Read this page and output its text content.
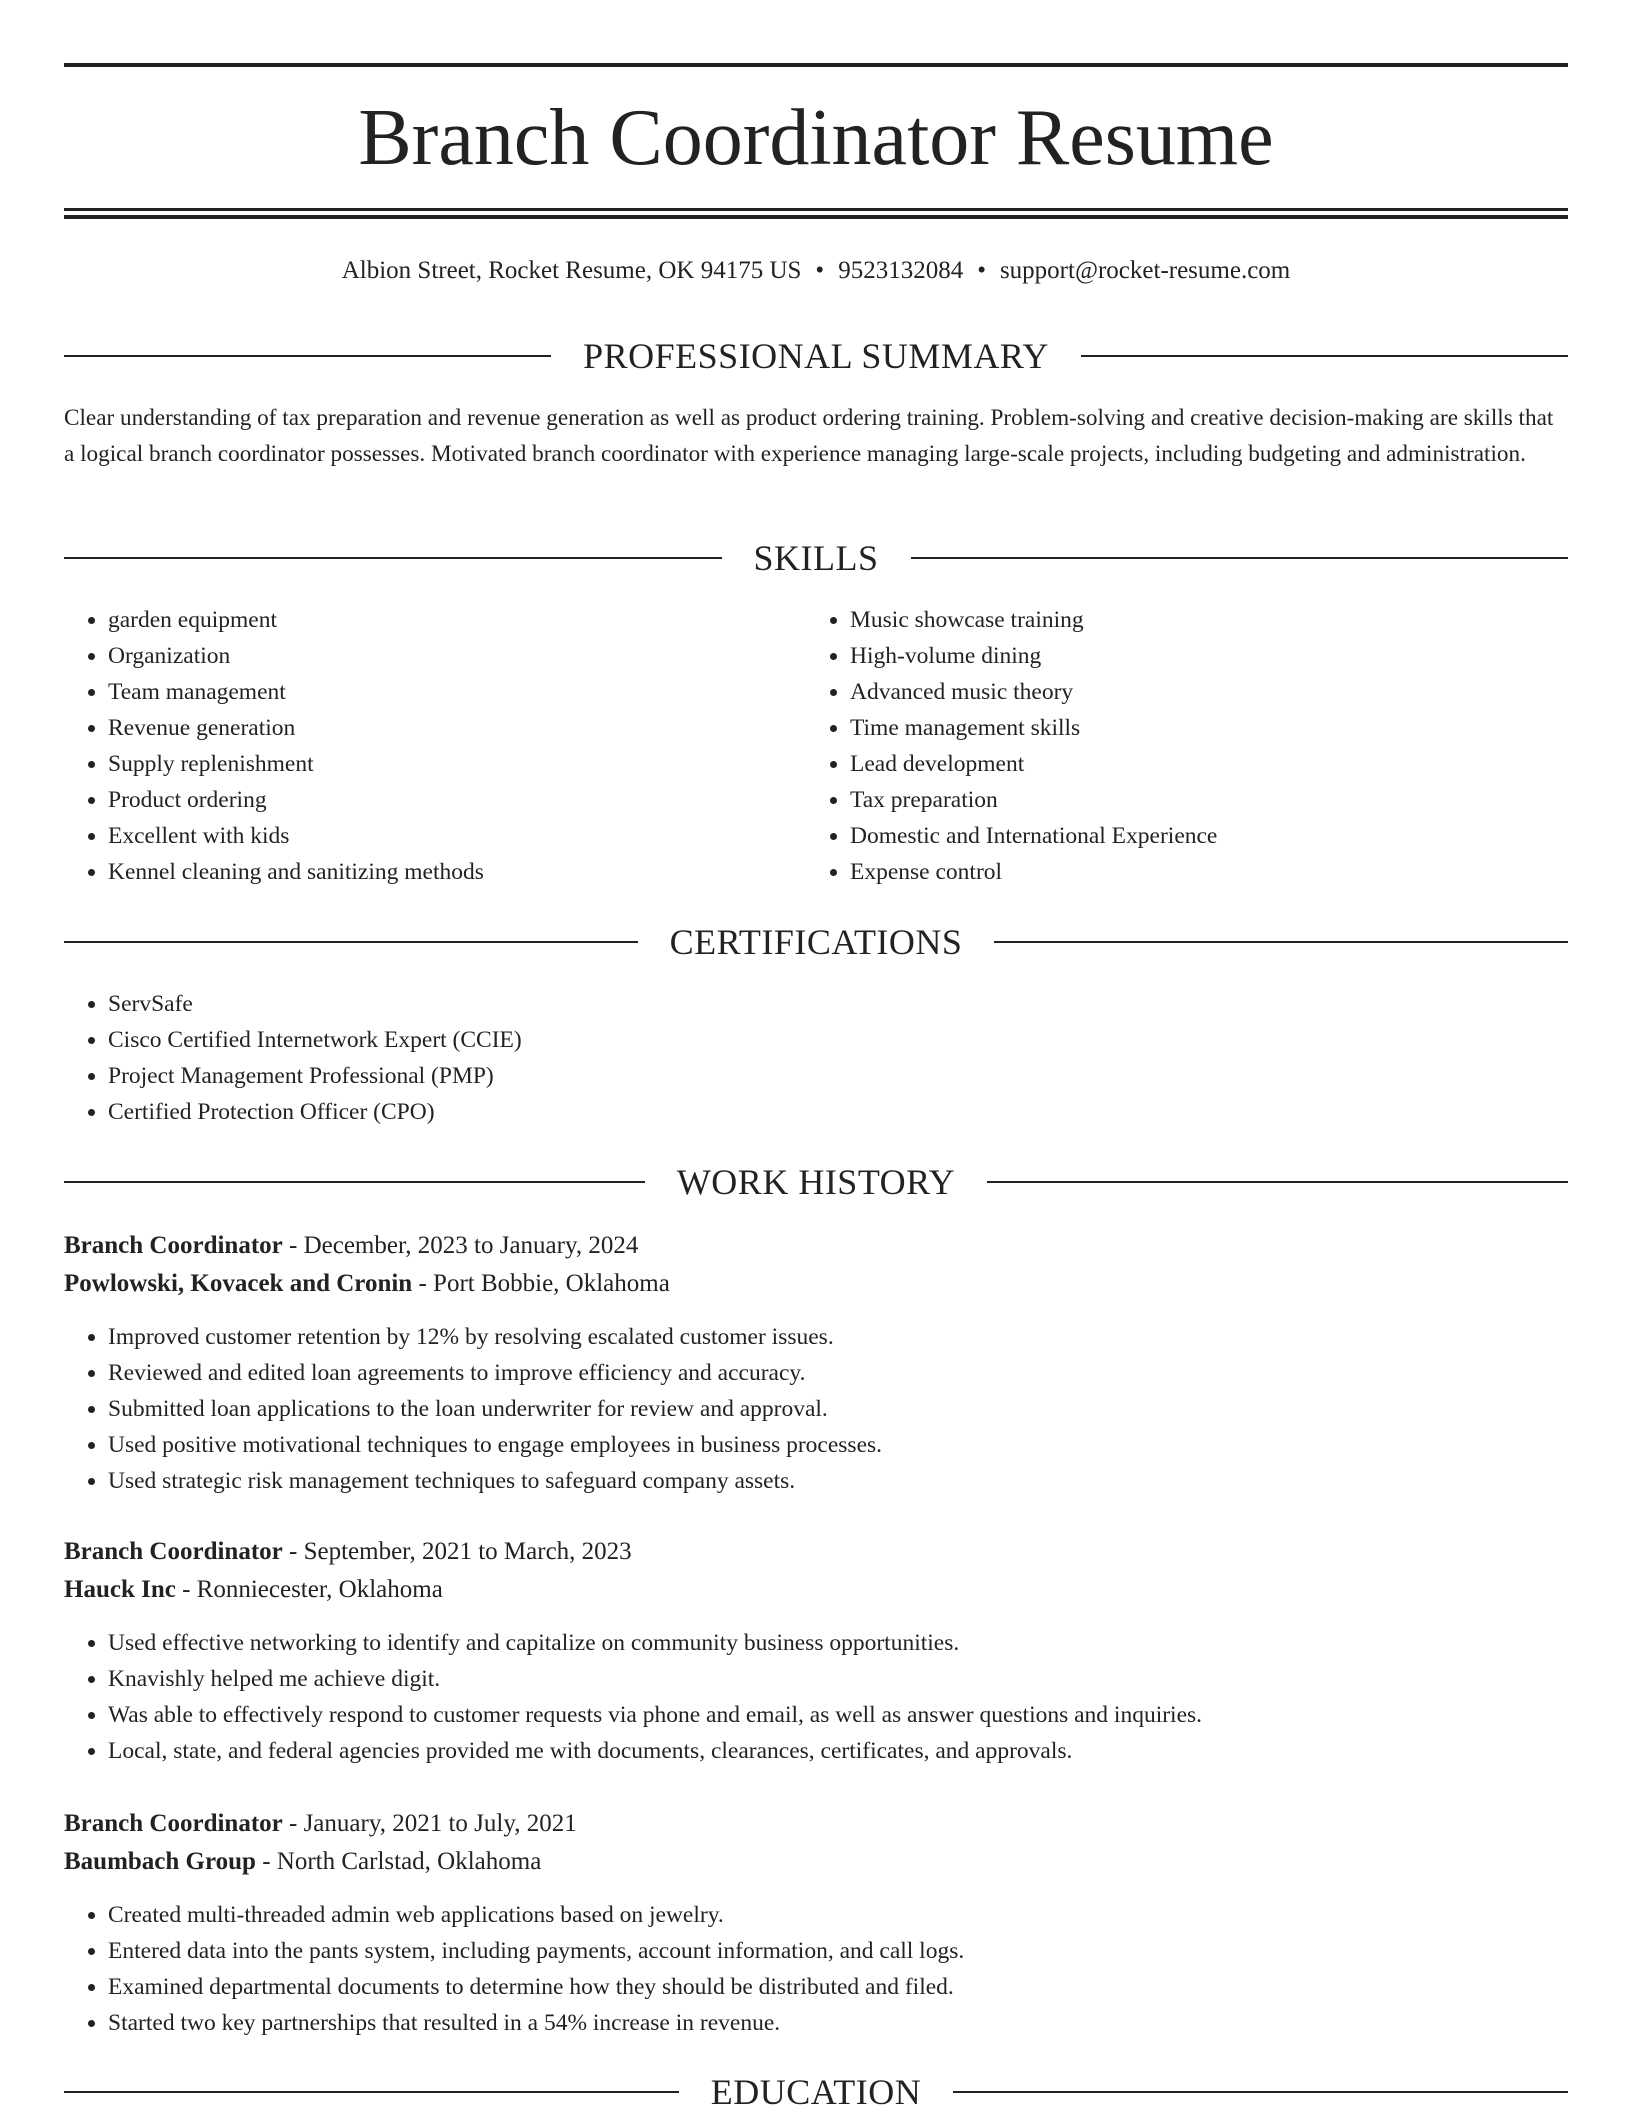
Branch Coordinator Resume
Albion Street, Rocket Resume, OK 94175 US • 9523132084 • support@rocket-resume.com
PROFESSIONAL SUMMARY
Clear understanding of tax preparation and revenue generation as well as product ordering training. Problem-solving and creative decision-making are skills that a logical branch coordinator possesses. Motivated branch coordinator with experience managing large-scale projects, including budgeting and administration.
SKILLS
• garden equipment
• Organization
• Team management
• Revenue generation
• Supply replenishment
• Product ordering
• Excellent with kids
• Kennel cleaning and sanitizing methods
• Music showcase training
• High-volume dining
• Advanced music theory
• Time management skills
• Lead development
• Tax preparation
• Domestic and International Experience
• Expense control
CERTIFICATIONS
• ServSafe
• Cisco Certified Internetwork Expert (CCIE)
• Project Management Professional (PMP)
• Certified Protection Officer (CPO)
WORK HISTORY
Branch Coordinator - December, 2023 to January, 2024
Powlowski, Kovacek and Cronin - Port Bobbie, Oklahoma
• Improved customer retention by 12% by resolving escalated customer issues.
• Reviewed and edited loan agreements to improve efficiency and accuracy.
• Submitted loan applications to the loan underwriter for review and approval.
• Used positive motivational techniques to engage employees in business processes.
• Used strategic risk management techniques to safeguard company assets.
Branch Coordinator - September, 2021 to March, 2023
Hauck Inc - Ronniecester, Oklahoma
• Used effective networking to identify and capitalize on community business opportunities.
• Knavishly helped me achieve digit.
• Was able to effectively respond to customer requests via phone and email, as well as answer questions and inquiries.
• Local, state, and federal agencies provided me with documents, clearances, certificates, and approvals.
Branch Coordinator - January, 2021 to July, 2021
Baumbach Group - North Carlstad, Oklahoma
• Created multi-threaded admin web applications based on jewelry.
• Entered data into the pants system, including payments, account information, and call logs.
• Examined departmental documents to determine how they should be distributed and filed.
• Started two key partnerships that resulted in a 54% increase in revenue.
EDUCATION
